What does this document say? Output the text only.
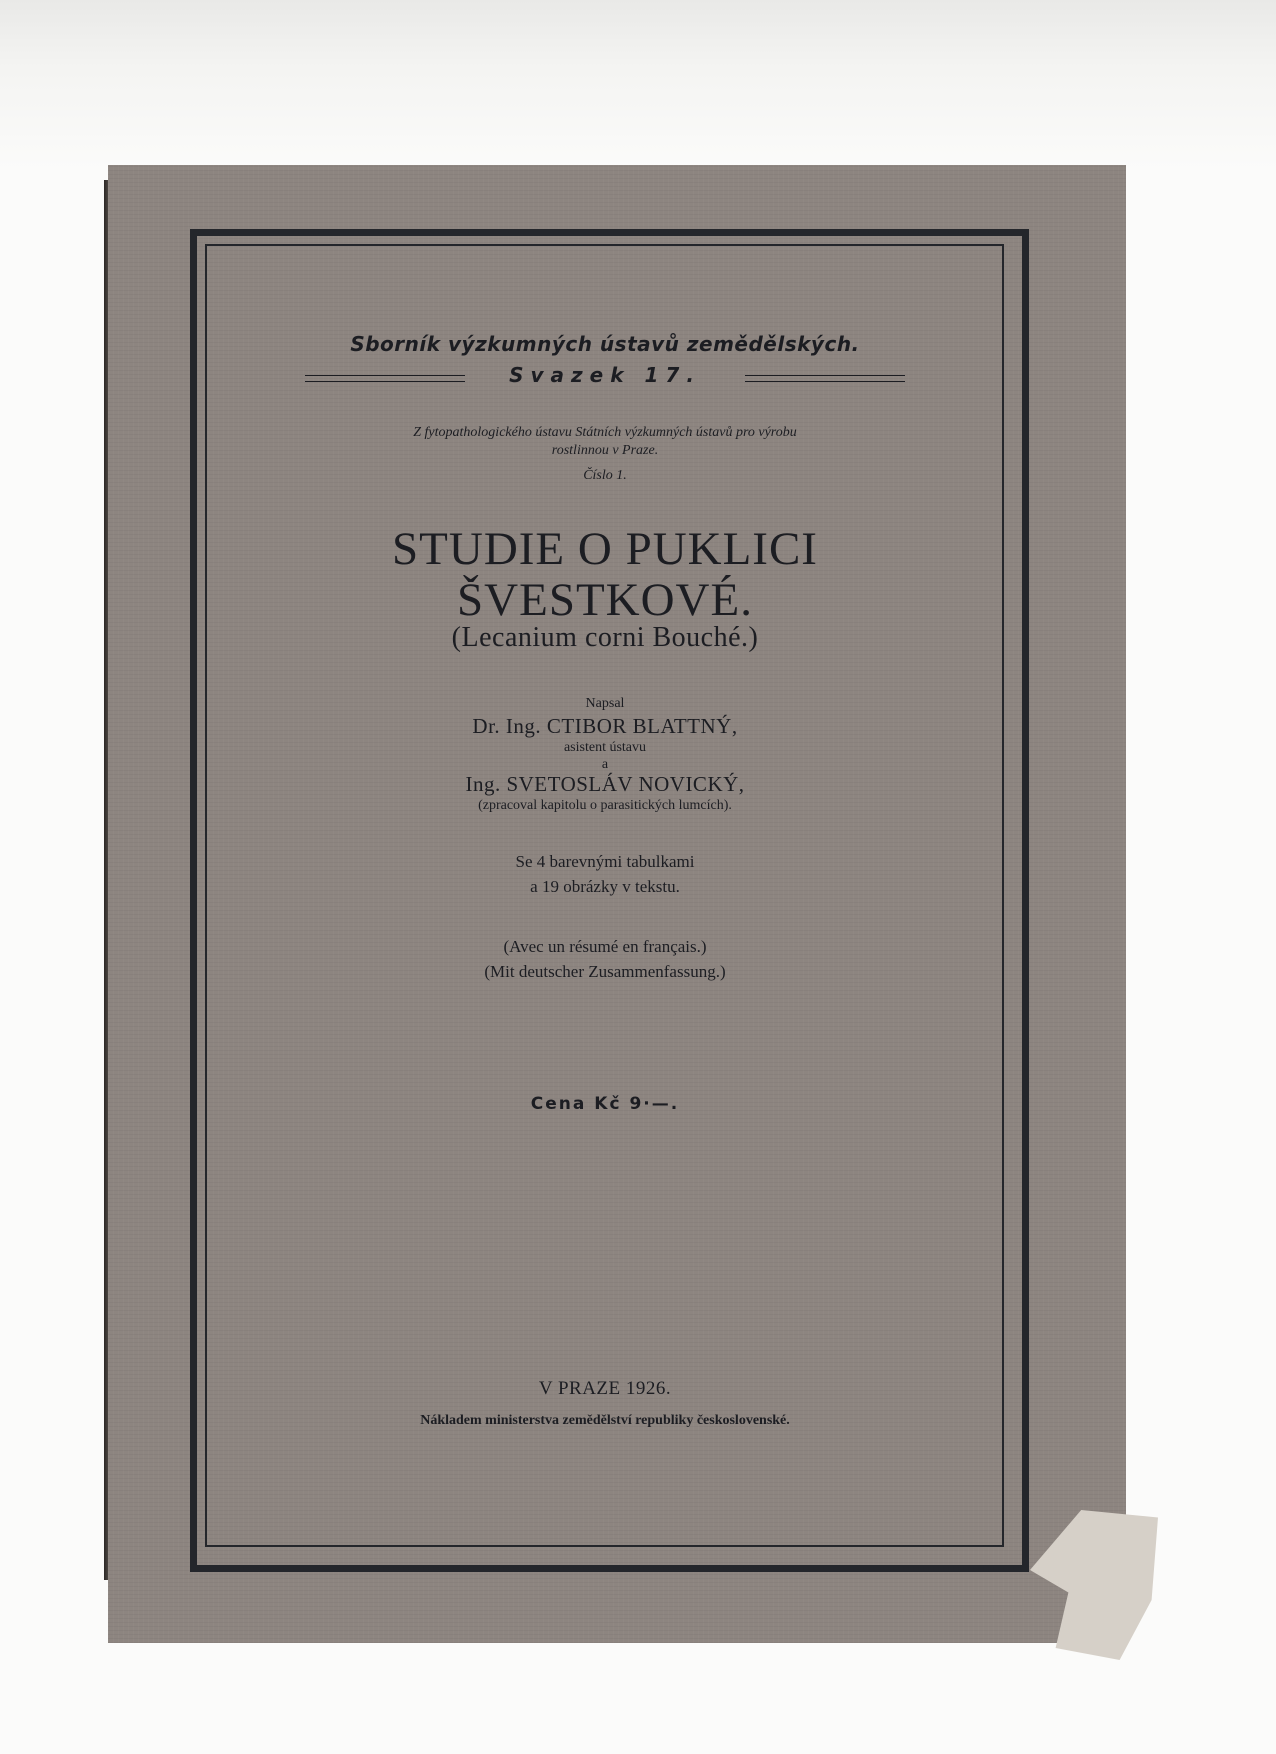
Sborník výzkumných ústavů zemědělských.
Svazek 17.
Z fytopathologického ústavu Státních výzkumných ústavů pro výrobu
rostlinnou v Praze.
Číslo 1.
STUDIE O PUKLICI
ŠVESTKOVÉ.
(Lecanium corni Bouché.)
Napsal
Dr. Ing. CTIBOR BLATTNÝ,
asistent ústavu
a
Ing. SVETOSLÁV NOVICKÝ,
(zpracoval kapitolu o parasitických lumcích).
Se 4 barevnými tabulkami
a 19 obrázky v tekstu.
(Avec un résumé en français.)
(Mit deutscher Zusammenfassung.)
Cena Kč 9·—.
V PRAZE 1926.
Nákladem ministerstva zemědělství republiky československé.
